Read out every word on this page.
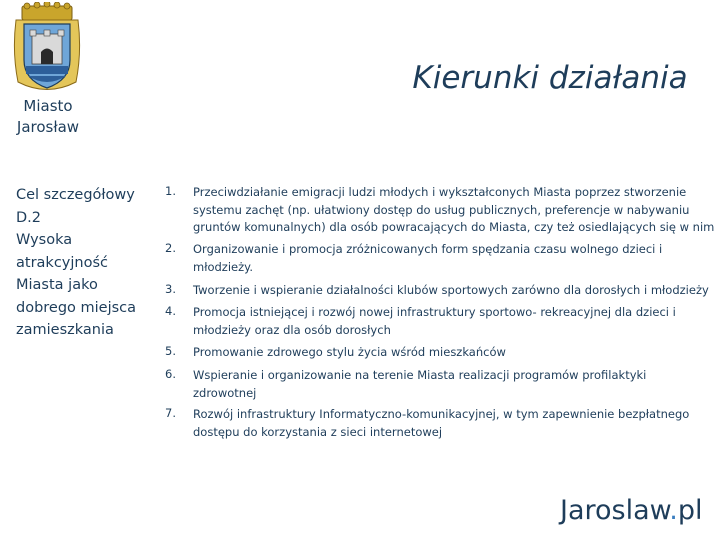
Miasto
Jarosław
Kierunki działania
Cel szczegółowy
D.2
Wysoka
atrakcyjność
Miasta jako
dobrego miejsca
zamieszkania
1. Przeciwdziałanie emigracji ludzi młodych i wykształconych Miasta poprzez stworzenie
systemu zachęt (np. ułatwiony dostęp do usług publicznych, preferencje w nabywaniu
gruntów komunalnych) dla osób powracających do Miasta, czy też osiedlających się w nim
2. Organizowanie i promocja zróżnicowanych form spędzania czasu wolnego dzieci i
młodzieży.
3. Tworzenie i wspieranie działalności klubów sportowych zarówno dla dorosłych i młodzieży
4. Promocja istniejącej i rozwój nowej infrastruktury sportowo- rekreacyjnej dla dzieci i
młodzieży oraz dla osób dorosłych
5. Promowanie zdrowego stylu życia wśród mieszkańców
6. Wspieranie i organizowanie na terenie Miasta realizacji programów profilaktyki
zdrowotnej
7. Rozwój infrastruktury Informatyczno-komunikacyjnej, w tym zapewnienie bezpłatnego
dostępu do korzystania z sieci internetowej
Jaroslaw.pl
